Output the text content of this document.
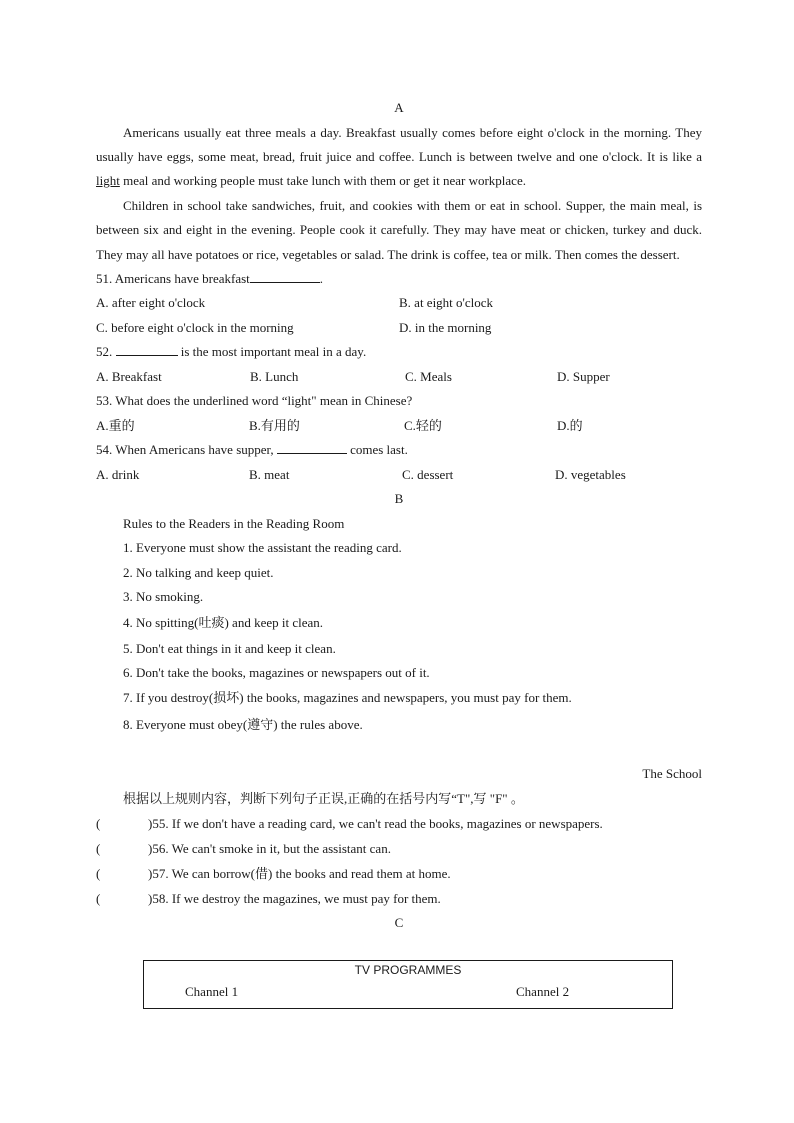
A
Americans usually eat three meals a day. Breakfast usually comes before eight o'clock in the morning. They usually have eggs, some meat, bread, fruit juice and coffee. Lunch is between twelve and one o'clock. It is like a light meal and working people must take lunch with them or get it near workplace.
Children in school take sandwiches, fruit, and cookies with them or eat in school. Supper, the main meal, is between six and eight in the evening. People cook it carefully. They may have meat or chicken, turkey and duck. They may all have potatoes or rice, vegetables or salad. The drink is coffee, tea or milk. Then comes the dessert.
51. Americans have breakfast	.
A. after eight o'clock	B. at eight o'clock
C. before eight o'clock in the morning	D. in the morning
52.	is the most important meal in a day.
A. Breakfast	B. Lunch	C. Meals	D. Supper
53. What does the underlined word “light" mean in Chinese?
A.重的	B.有用的	C.轻的	D.的
54. When Americans have supper,	comes last.
A. drink	B. meat	C. dessert	D. vegetables
B
Rules to the Readers in the Reading Room
1. Everyone must show the assistant the reading card.
2. No talking and keep quiet.
3. No smoking.
4. No spitting(吐痰) and keep it clean.
5. Don't eat things in it and keep it clean.
6. Don't take the books, magazines or newspapers out of it.
7. If you destroy(损坏) the books, magazines and newspapers, you must pay for them.
8. Everyone must obey(遵守) the rules above.
The School
根据以上规则内容，判断下列句子正误,正确的在括号内写“T",写 "F" 。
(	)55. If we don't have a reading card, we can't read the books, magazines or newspapers.
(	)56. We can't smoke in it, but the assistant can.
(	)57. We can borrow(借) the books and read them at home.
(	)58. If we destroy the magazines, we must pay for them.
C
TV PROGRAMMES
Channel 1	Channel 2
